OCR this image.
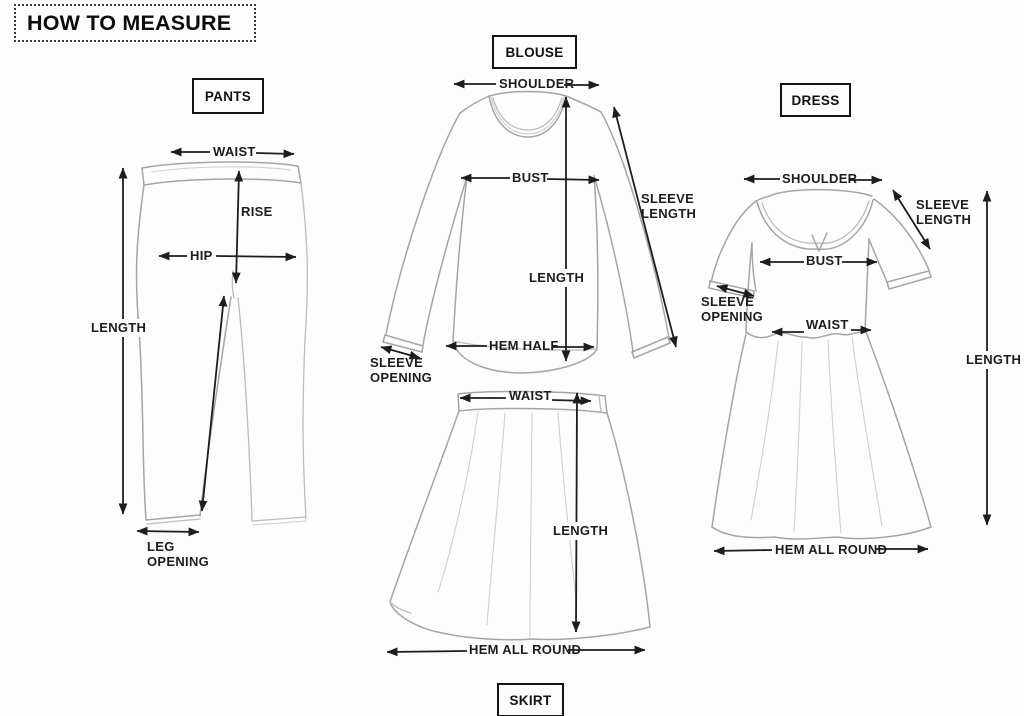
HOW TO MEASURE
PANTS
BLOUSE
DRESS
SKIRT
WAIST
RISE
HIP
LENGTH
LEG OPENING
SHOULDER
BUST
SLEEVE LENGTH
LENGTH
HEM HALF
SLEEVE OPENING
WAIST
LENGTH
HEM ALL ROUND
SHOULDER
SLEEVE LENGTH
BUST
SLEEVE OPENING
WAIST
LENGTH
HEM ALL ROUND
